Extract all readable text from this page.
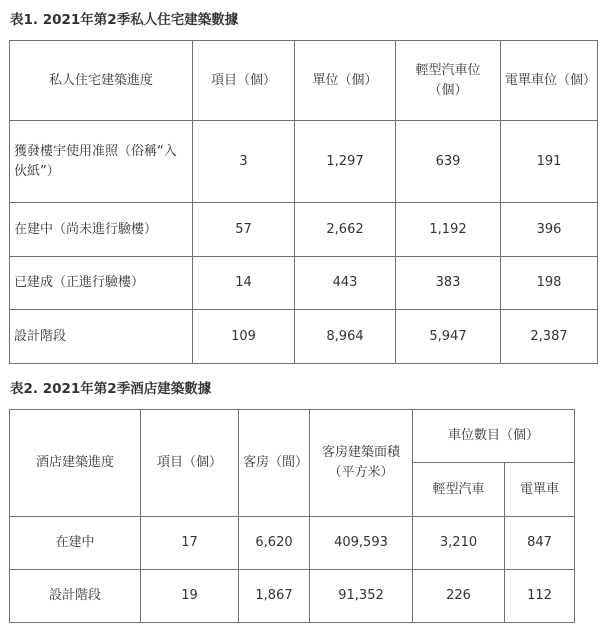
表1. 2021年第2季私人住宅建築數據
私人住宅建築進度	項目（個）	單位（個）	輕型汽車位（個）	電單車位（個）
獲發樓宇使用准照（俗稱“入伙紙”）	3	1,297	639	191
在建中（尚未進行驗樓）	57	2,662	1,192	396
已建成（正進行驗樓）	14	443	383	198
設計階段	109	8,964	5,947	2,387
表2. 2021年第2季酒店建築數據
酒店建築進度	項目（個）	客房（間）	客房建築面積（平方米）	車位數目（個）	
				輕型汽車	電單車
在建中	17	6,620	409,593	3,210	847
設計階段	19	1,867	91,352	226	112
